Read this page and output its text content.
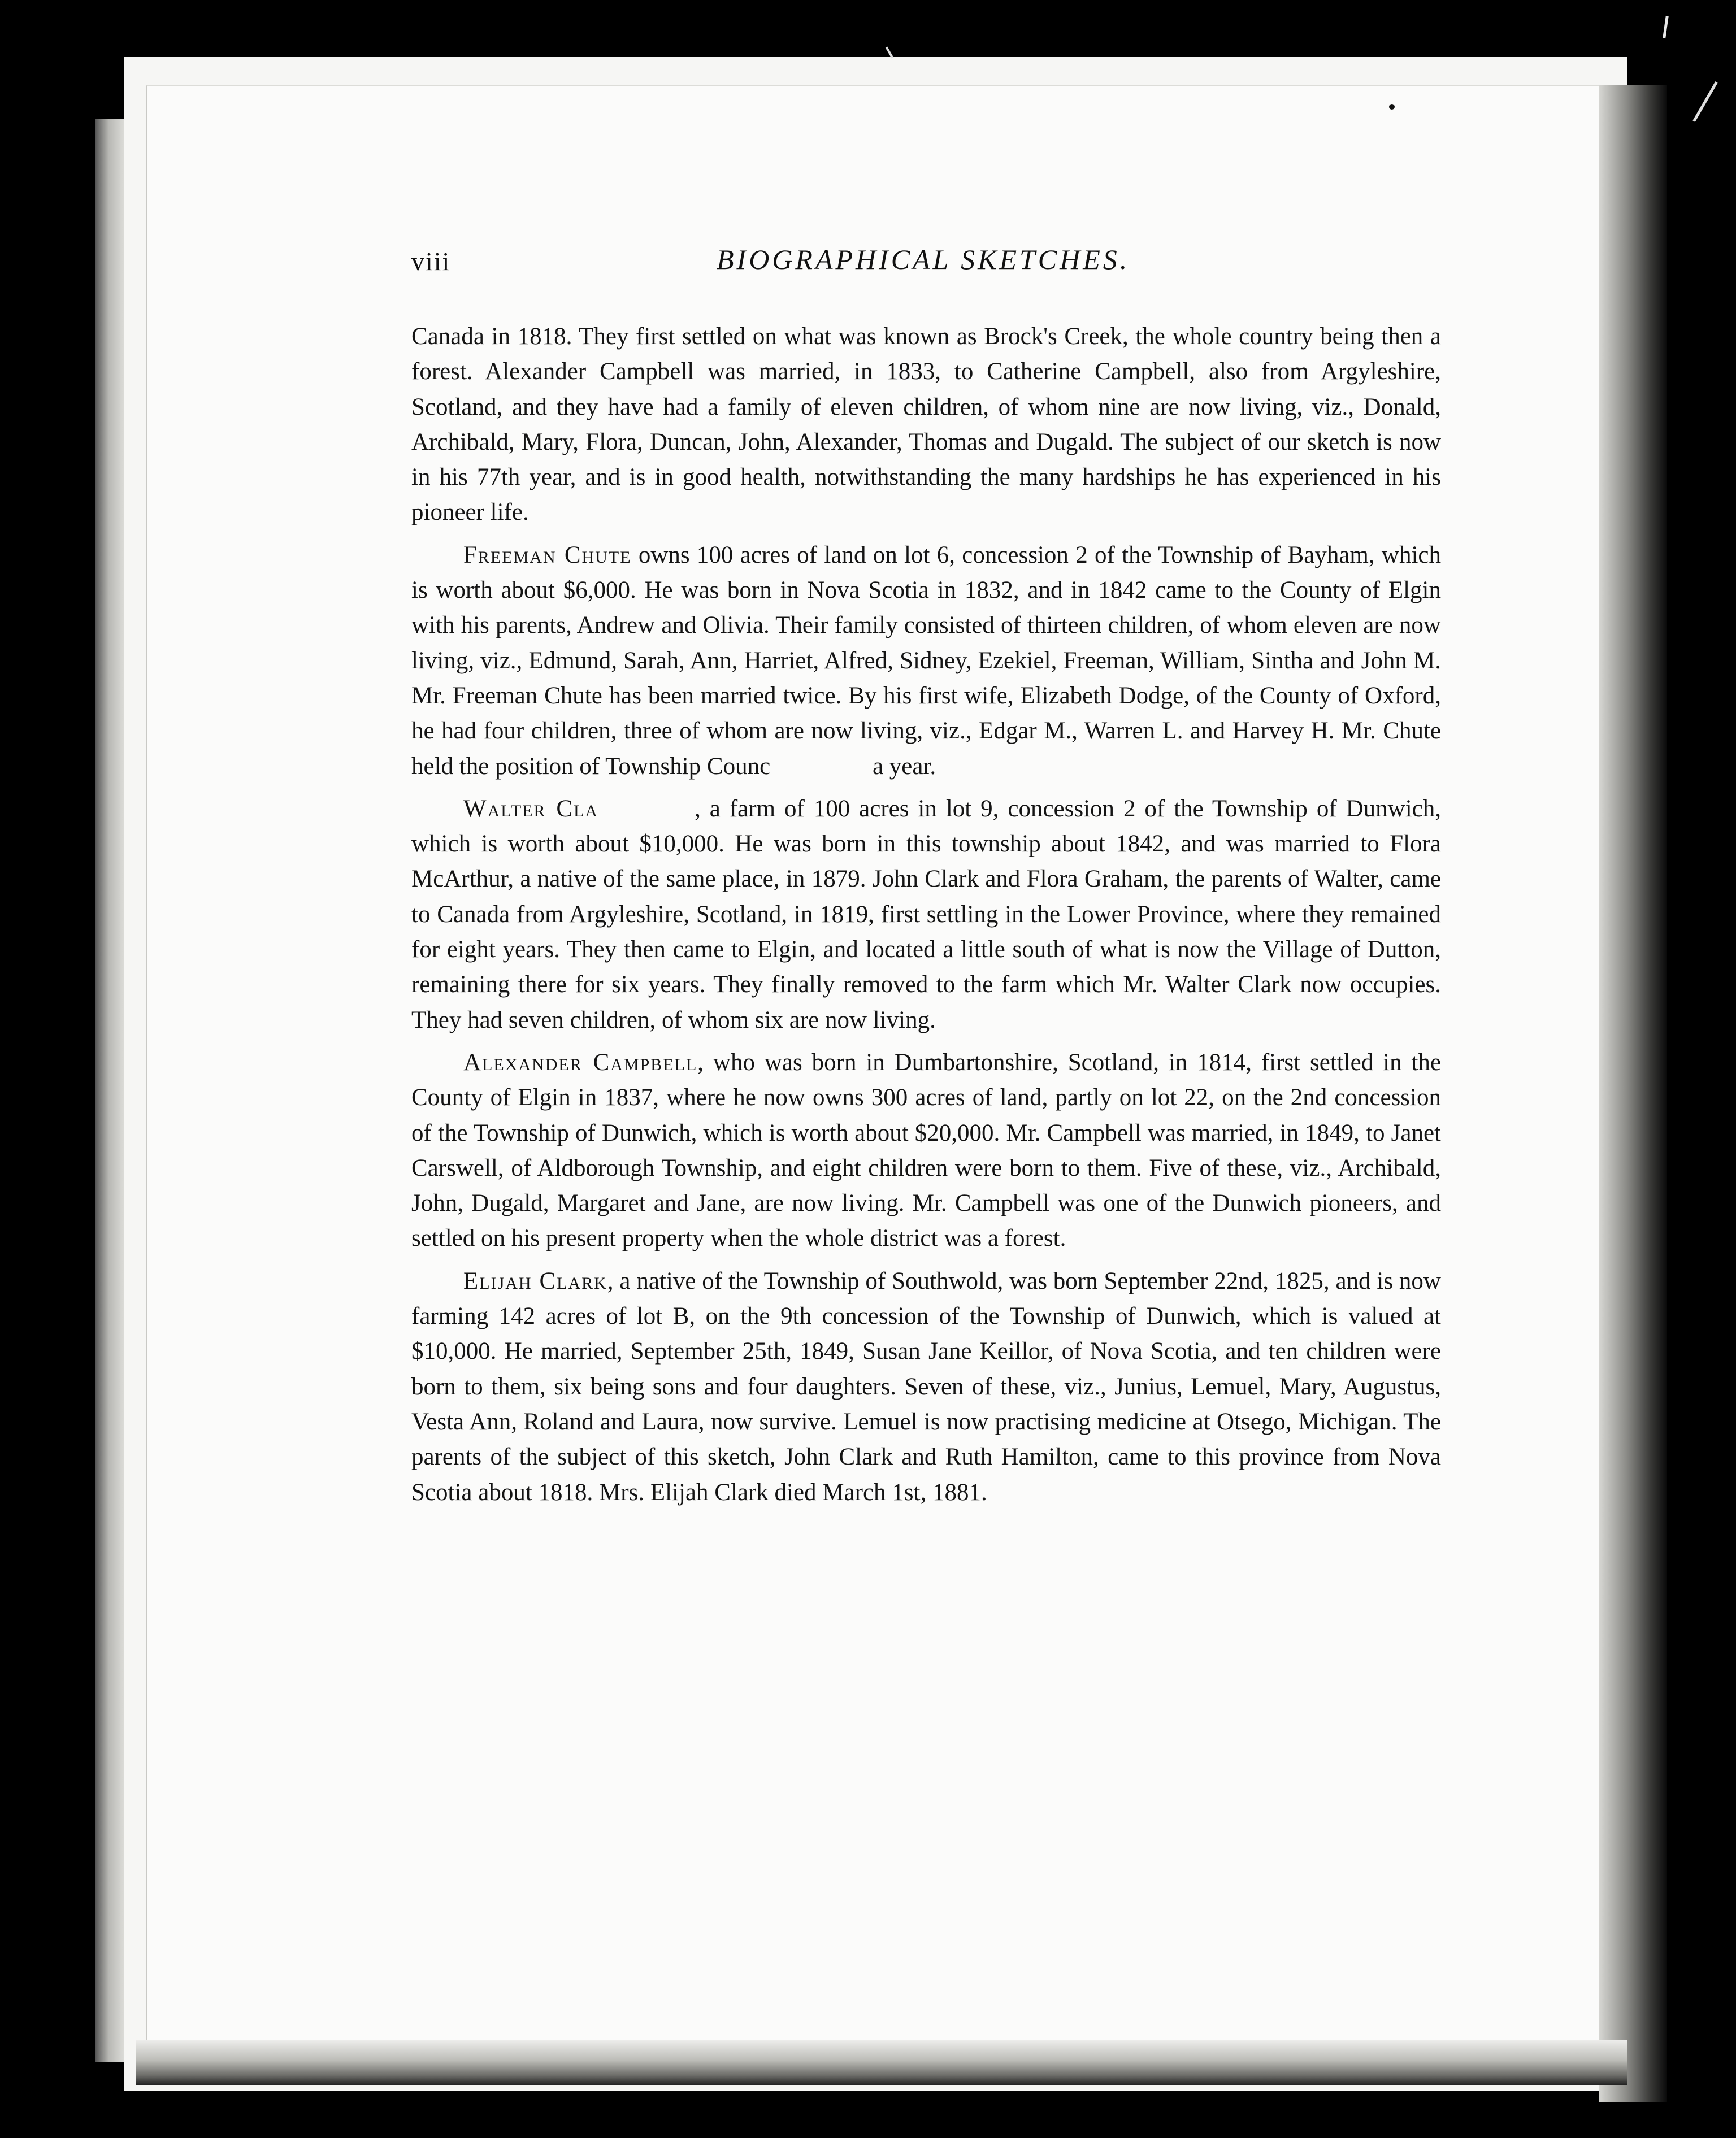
viii	BIOGRAPHICAL SKETCHES.

Canada in 1818. They first settled on what was known as Brock's Creek, the whole country being then a forest. Alexander Campbell was married, in 1833, to Catherine Campbell, also from Argyleshire, Scotland, and they have had a family of eleven children, of whom nine are now living, viz., Donald, Archibald, Mary, Flora, Duncan, John, Alexander, Thomas and Dugald. The subject of our sketch is now in his 77th year, and is in good health, notwithstanding the many hardships he has experienced in his pioneer life.

Freeman Chute owns 100 acres of land on lot 6, concession 2 of the Township of Bayham, which is worth about $6,000. He was born in Nova Scotia in 1832, and in 1842 came to the County of Elgin with his parents, Andrew and Olivia. Their family consisted of thirteen children, of whom eleven are now living, viz., Edmund, Sarah, Ann, Harriet, Alfred, Sidney, Ezekiel, Freeman, William, Sintha and John M. Mr. Freeman Chute has been married twice. By his first wife, Elizabeth Dodge, of the County of Oxford, he had four children, three of whom are now living, viz., Edgar M., Warren L. and Harvey H. Mr. Chute held the position of Township Counc	a year.

Walter Cla	, a farm of 100 acres in lot 9, concession 2 of the Township of Dunwich, which is worth about $10,000. He was born in this township about 1842, and was married to Flora McArthur, a native of the same place, in 1879. John Clark and Flora Graham, the parents of Walter, came to Canada from Argyleshire, Scotland, in 1819, first settling in the Lower Province, where they remained for eight years. They then came to Elgin, and located a little south of what is now the Village of Dutton, remaining there for six years. They finally removed to the farm which Mr. Walter Clark now occupies. They had seven children, of whom six are now living.

Alexander Campbell, who was born in Dumbartonshire, Scotland, in 1814, first settled in the County of Elgin in 1837, where he now owns 300 acres of land, partly on lot 22, on the 2nd concession of the Township of Dunwich, which is worth about $20,000. Mr. Campbell was married, in 1849, to Janet Carswell, of Aldborough Township, and eight children were born to them. Five of these, viz., Archibald, John, Dugald, Margaret and Jane, are now living. Mr. Campbell was one of the Dunwich pioneers, and settled on his present property when the whole district was a forest.

Elijah Clark, a native of the Township of Southwold, was born September 22nd, 1825, and is now farming 142 acres of lot B, on the 9th concession of the Township of Dunwich, which is valued at $10,000. He married, September 25th, 1849, Susan Jane Keillor, of Nova Scotia, and ten children were born to them, six being sons and four daughters. Seven of these, viz., Junius, Lemuel, Mary, Augustus, Vesta Ann, Roland and Laura, now survive. Lemuel is now practising medicine at Otsego, Michigan. The parents of the subject of this sketch, John Clark and Ruth Hamilton, came to this province from Nova Scotia about 1818. Mrs. Elijah Clark died March 1st, 1881.
